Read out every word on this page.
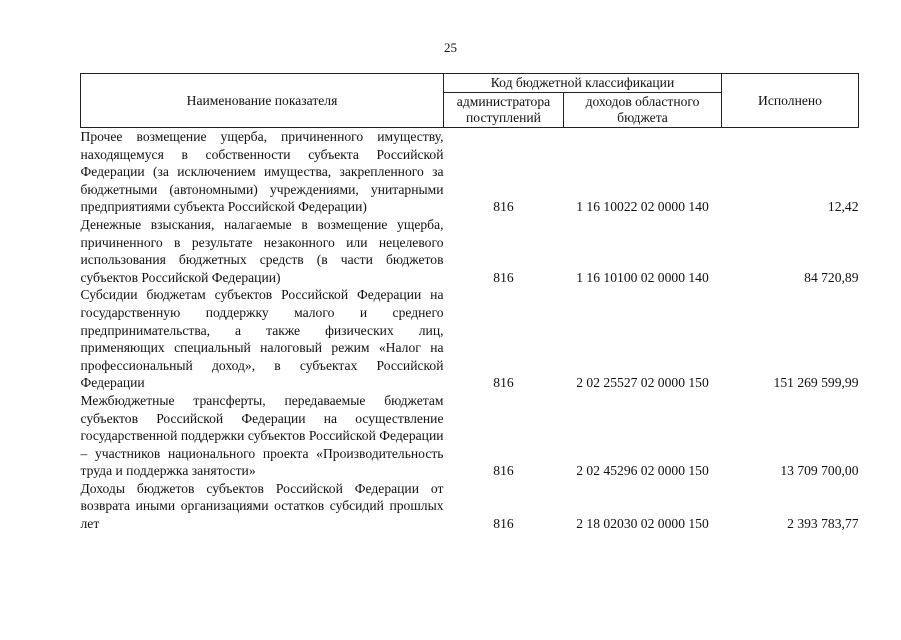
25
Наименование показателя	Код бюджетной классификации		Исполнено
	администратора поступлений	доходов областного бюджета	
Прочее возмещение ущерба, причиненного имуществу, находящемуся в собственности субъекта Российской Федерации (за исключением имущества, закрепленного за бюджетными (автономными) учреждениями, унитарными предприятиями субъекта Российской Федерации)	816	1 16 10022 02 0000 140	12,42
Денежные взыскания, налагаемые в возмещение ущерба, причиненного в результате незаконного или нецелевого использования бюджетных средств (в части бюджетов субъектов Российской Федерации)	816	1 16 10100 02 0000 140	84 720,89
Субсидии бюджетам субъектов Российской Федерации на государственную поддержку малого и среднего предпринимательства, а также физических лиц, применяющих специальный налоговый режим «Налог на профессиональный доход», в субъектах Российской Федерации	816	2 02 25527 02 0000 150	151 269 599,99
Межбюджетные трансферты, передаваемые бюджетам субъектов Российской Федерации на осуществление государственной поддержки субъектов Российской Федерации – участников национального проекта «Производительность труда и поддержка занятости»	816	2 02 45296 02 0000 150	13 709 700,00
Доходы бюджетов субъектов Российской Федерации от возврата иными организациями остатков субсидий прошлых лет	816	2 18 02030 02 0000 150	2 393 783,77
